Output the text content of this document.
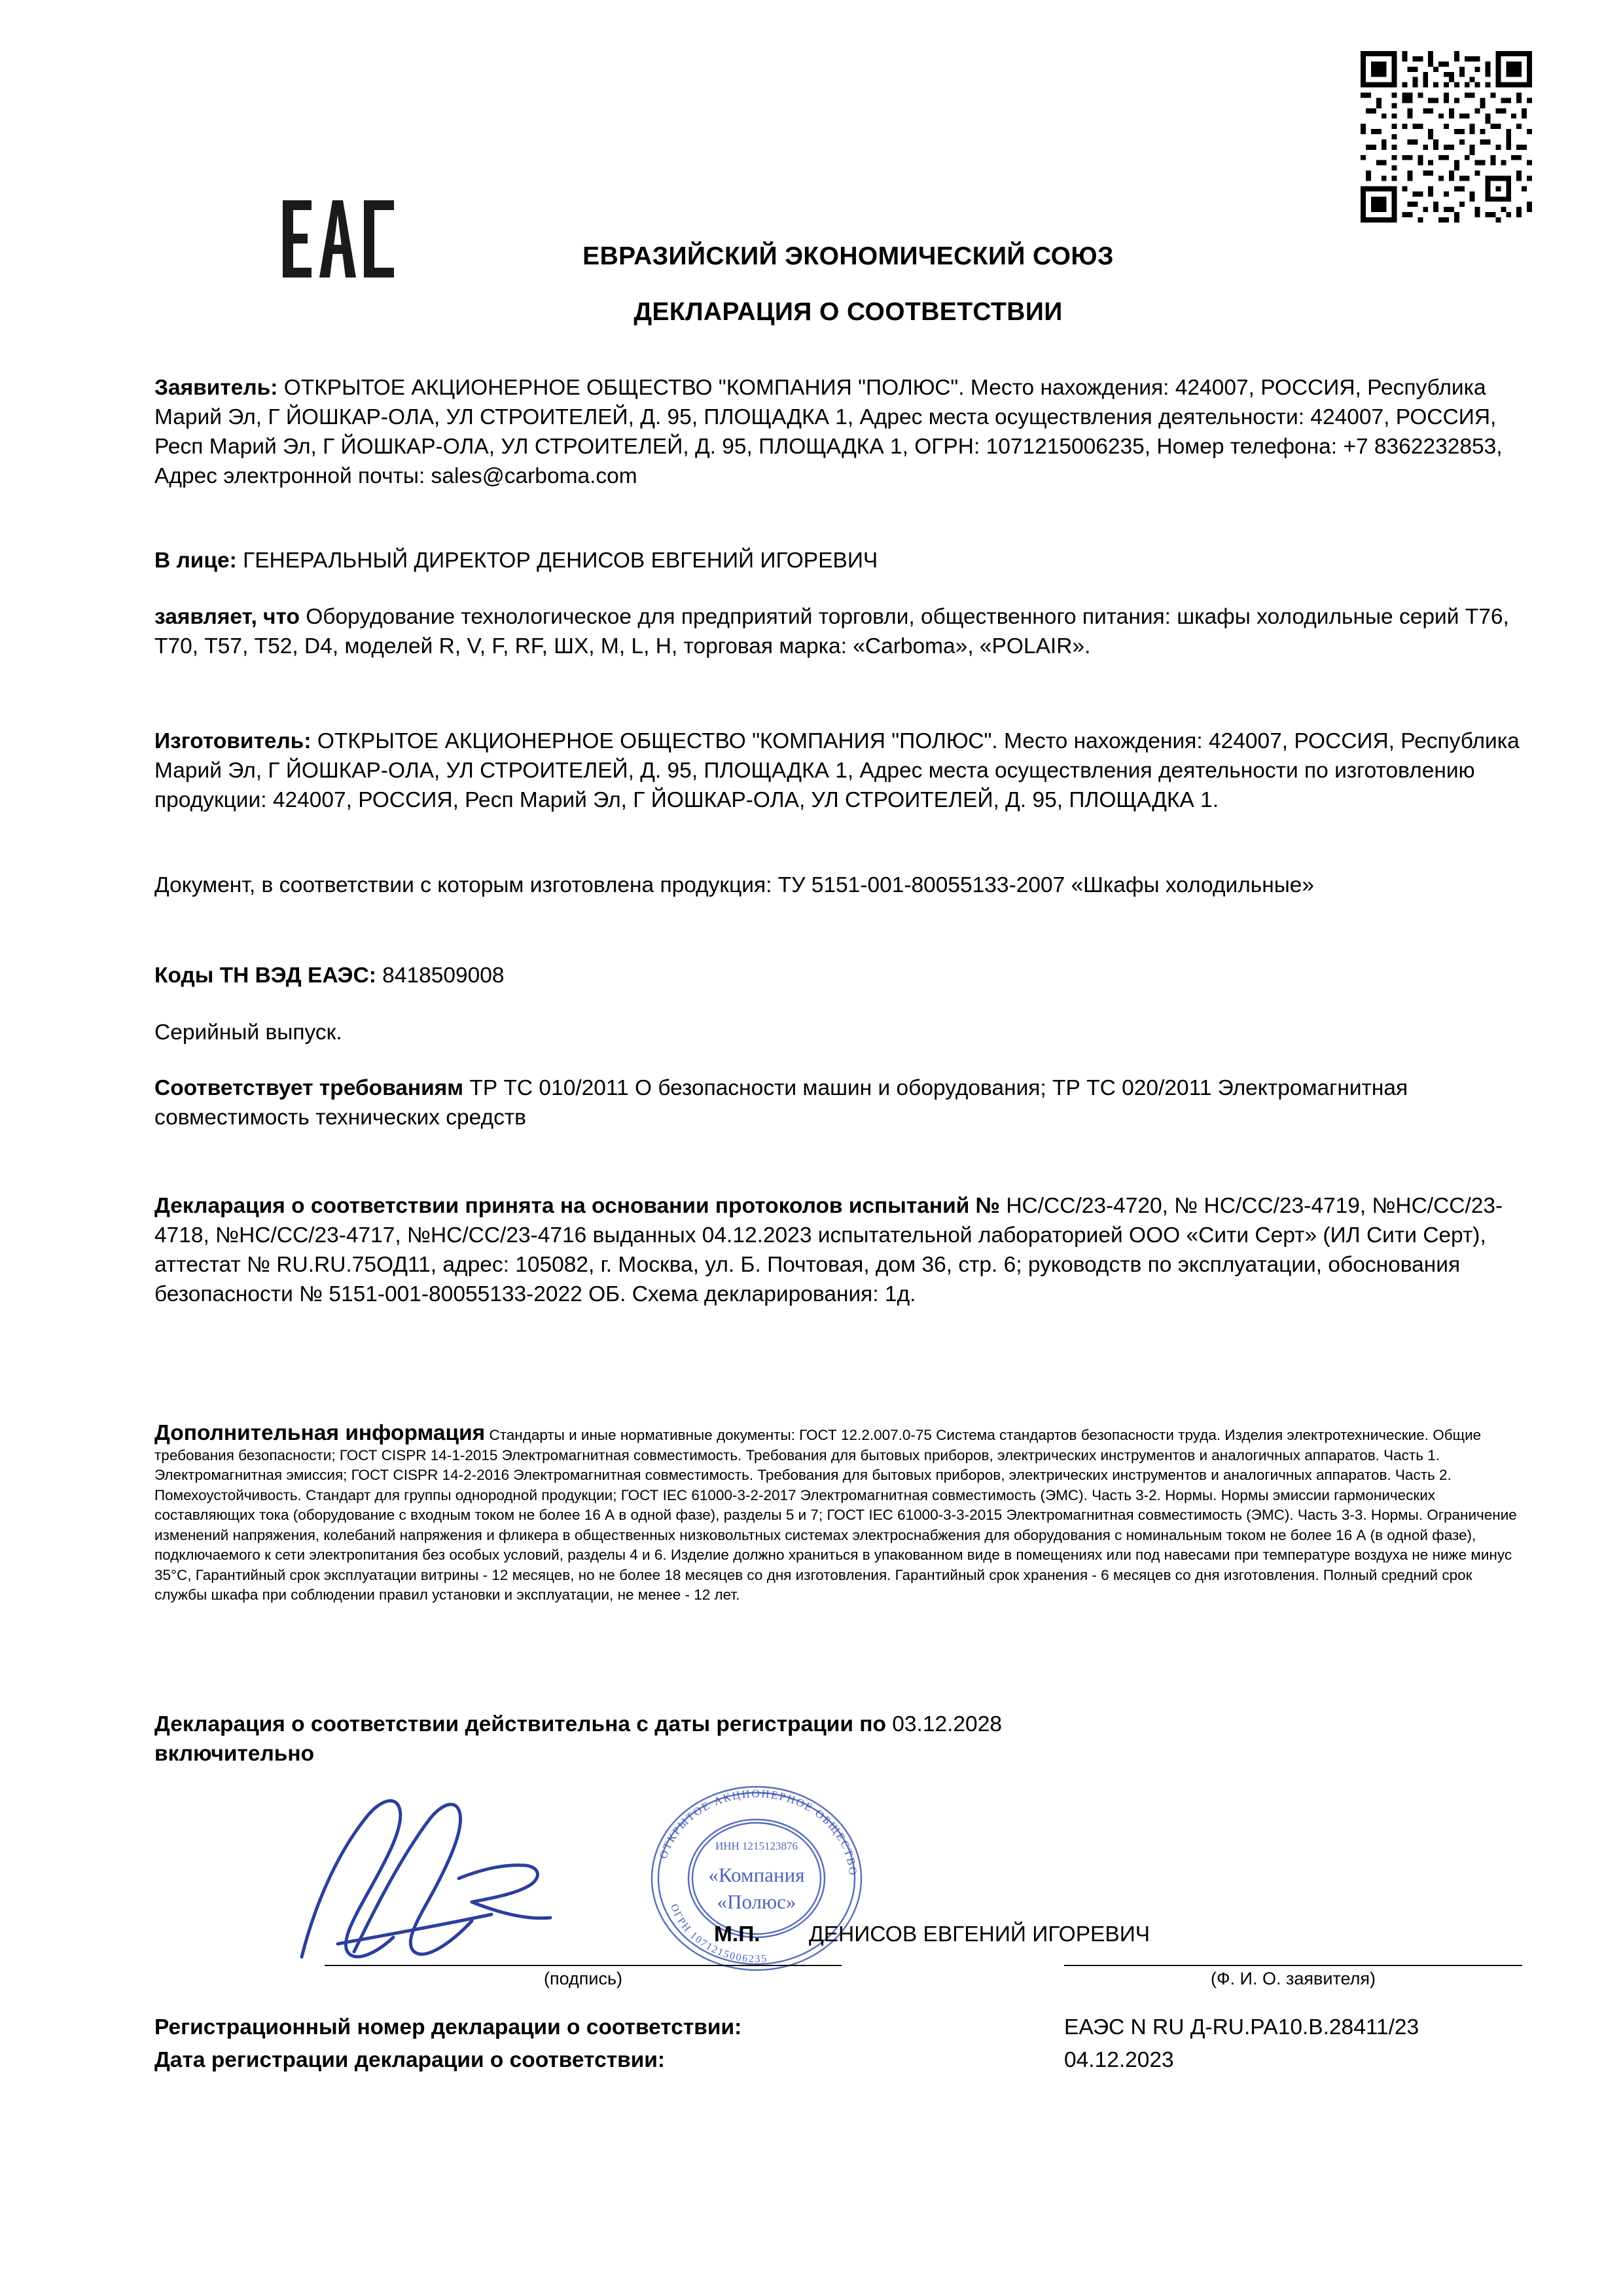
ЕВРАЗИЙСКИЙ ЭКОНОМИЧЕСКИЙ СОЮЗ
ДЕКЛАРАЦИЯ О СООТВЕТСТВИИ
Заявитель: ОТКРЫТОЕ АКЦИОНЕРНОЕ ОБЩЕСТВО "КОМПАНИЯ "ПОЛЮС". Место нахождения: 424007, РОССИЯ, Республика Марий Эл, Г ЙОШКАР-ОЛА, УЛ СТРОИТЕЛЕЙ, Д. 95, ПЛОЩАДКА 1, Адрес места осуществления деятельности: 424007, РОССИЯ, Респ Марий Эл, Г ЙОШКАР-ОЛА, УЛ СТРОИТЕЛЕЙ, Д. 95, ПЛОЩАДКА 1, ОГРН: 1071215006235, Номер телефона: +7 8362232853, Адрес электронной почты: sales@carboma.com
В лице: ГЕНЕРАЛЬНЫЙ ДИРЕКТОР ДЕНИСОВ ЕВГЕНИЙ ИГОРЕВИЧ
заявляет, что Оборудование технологическое для предприятий торговли, общественного питания: шкафы холодильные серий Т76, Т70, Т57, Т52, D4, моделей R, V, F, RF, ШХ, M, L, H, торговая марка: «Carboma», «POLAIR».
Изготовитель: ОТКРЫТОЕ АКЦИОНЕРНОЕ ОБЩЕСТВО "КОМПАНИЯ "ПОЛЮС". Место нахождения: 424007, РОССИЯ, Республика Марий Эл, Г ЙОШКАР-ОЛА, УЛ СТРОИТЕЛЕЙ, Д. 95, ПЛОЩАДКА 1, Адрес места осуществления деятельности по изготовлению продукции: 424007, РОССИЯ, Респ Марий Эл, Г ЙОШКАР-ОЛА, УЛ СТРОИТЕЛЕЙ, Д. 95, ПЛОЩАДКА 1.
Документ, в соответствии с которым изготовлена продукция: ТУ 5151-001-80055133-2007 «Шкафы холодильные»
Коды ТН ВЭД ЕАЭС: 8418509008
Серийный выпуск.
Соответствует требованиям ТР ТС 010/2011 О безопасности машин и оборудования; ТР ТС 020/2011 Электромагнитная совместимость технических средств
Декларация о соответствии принята на основании протоколов испытаний № НС/СС/23-4720, № НС/СС/23-4719, №НС/СС/23-4718, №НС/СС/23-4717, №НС/СС/23-4716 выданных 04.12.2023 испытательной лабораторией ООО «Сити Серт» (ИЛ Сити Серт), аттестат № RU.RU.75ОД11, адрес: 105082, г. Москва, ул. Б. Почтовая, дом 36, стр. 6; руководств по эксплуатации, обоснования безопасности № 5151-001-80055133-2022 ОБ. Схема декларирования: 1д.
Дополнительная информация Стандарты и иные нормативные документы: ГОСТ 12.2.007.0-75 Система стандартов безопасности труда. Изделия электротехнические. Общие требования безопасности; ГОСТ CISPR 14-1-2015 Электромагнитная совместимость. Требования для бытовых приборов, электрических инструментов и аналогичных аппаратов. Часть 1. Электромагнитная эмиссия; ГОСТ CISPR 14-2-2016 Электромагнитная совместимость. Требования для бытовых приборов, электрических инструментов и аналогичных аппаратов. Часть 2. Помехоустойчивость. Стандарт для группы однородной продукции; ГОСТ IEC 61000-3-2-2017 Электромагнитная совместимость (ЭМС). Часть 3-2. Нормы. Нормы эмиссии гармонических составляющих тока (оборудование с входным током не более 16 А в одной фазе), разделы 5 и 7; ГОСТ IEC 61000-3-3-2015 Электромагнитная совместимость (ЭМС). Часть 3-3. Нормы. Ограничение изменений напряжения, колебаний напряжения и фликера в общественных низковольтных системах электроснабжения для оборудования с номинальным током не более 16 А (в одной фазе), подключаемого к сети электропитания без особых условий, разделы 4 и 6. Изделие должно храниться в упакованном виде в помещениях или под навесами при температуре воздуха не ниже минус 35°С, Гарантийный срок эксплуатации витрины - 12 месяцев, но не более 18 месяцев со дня изготовления. Гарантийный срок хранения - 6 месяцев со дня изготовления. Полный средний срок службы шкафа при соблюдении правил установки и эксплуатации, не менее - 12 лет.
Декларация о соответствии действительна с даты регистрации по 03.12.2028
включительно
ОТКРЫТОЕ АКЦИОНЕРНОЕ ОБЩЕСТВО
ОГРН 1071215006235
ИНН 1215123876
«Компания
«Полюс»
М.П. ДЕНИСОВ ЕВГЕНИЙ ИГОРЕВИЧ
(подпись)	(Ф. И. О. заявителя)
Регистрационный номер декларации о соответствии:	ЕАЭС N RU Д-RU.РА10.В.28411/23
Дата регистрации декларации о соответствии:	04.12.2023
